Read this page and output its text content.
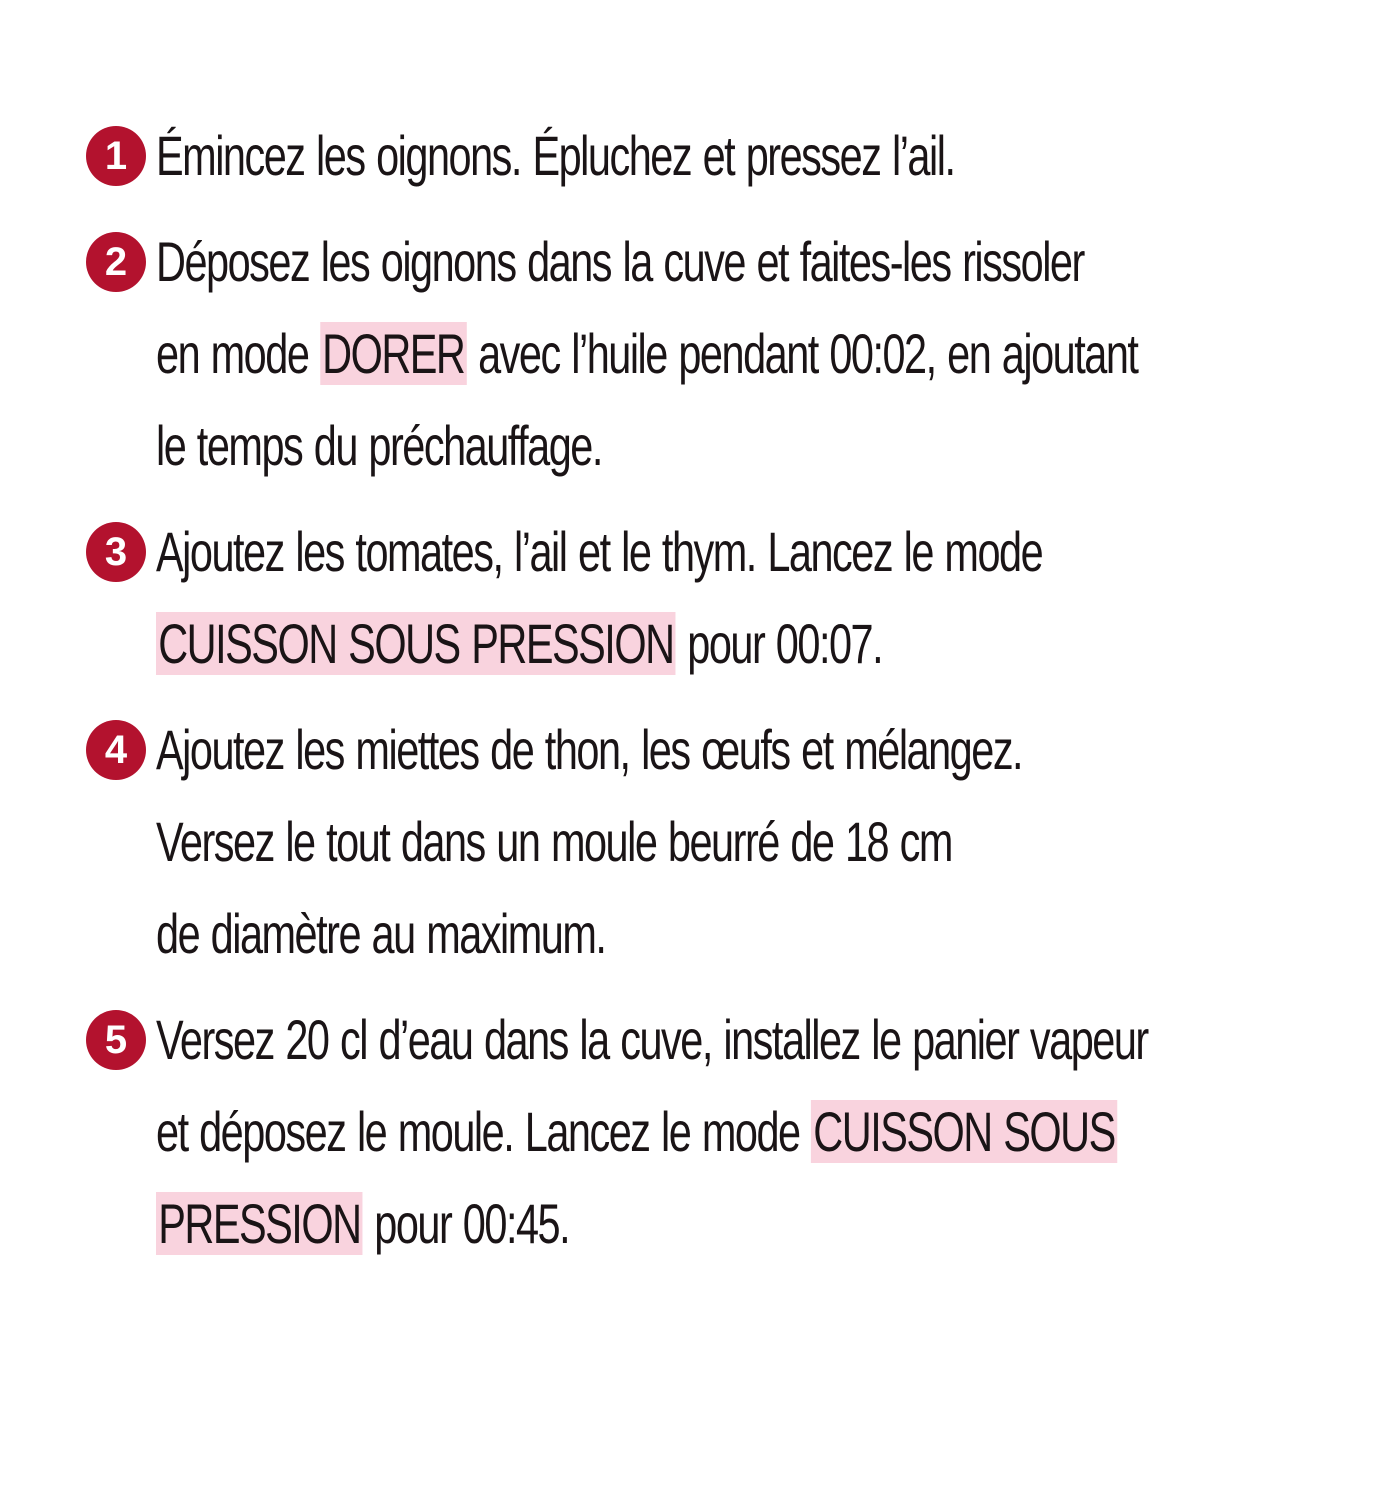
1 Émincez les oignons. Épluchez et pressez l’ail.
2 Déposez les oignons dans la cuve et faites-les rissoler
en mode DORER avec l’huile pendant 00:02, en ajoutant
le temps du préchauffage.
3 Ajoutez les tomates, l’ail et le thym. Lancez le mode
CUISSON SOUS PRESSION pour 00:07.
4 Ajoutez les miettes de thon, les œufs et mélangez.
Versez le tout dans un moule beurré de 18 cm
de diamètre au maximum.
5 Versez 20 cl d’eau dans la cuve, installez le panier vapeur
et déposez le moule. Lancez le mode CUISSON SOUS
PRESSION pour 00:45.
